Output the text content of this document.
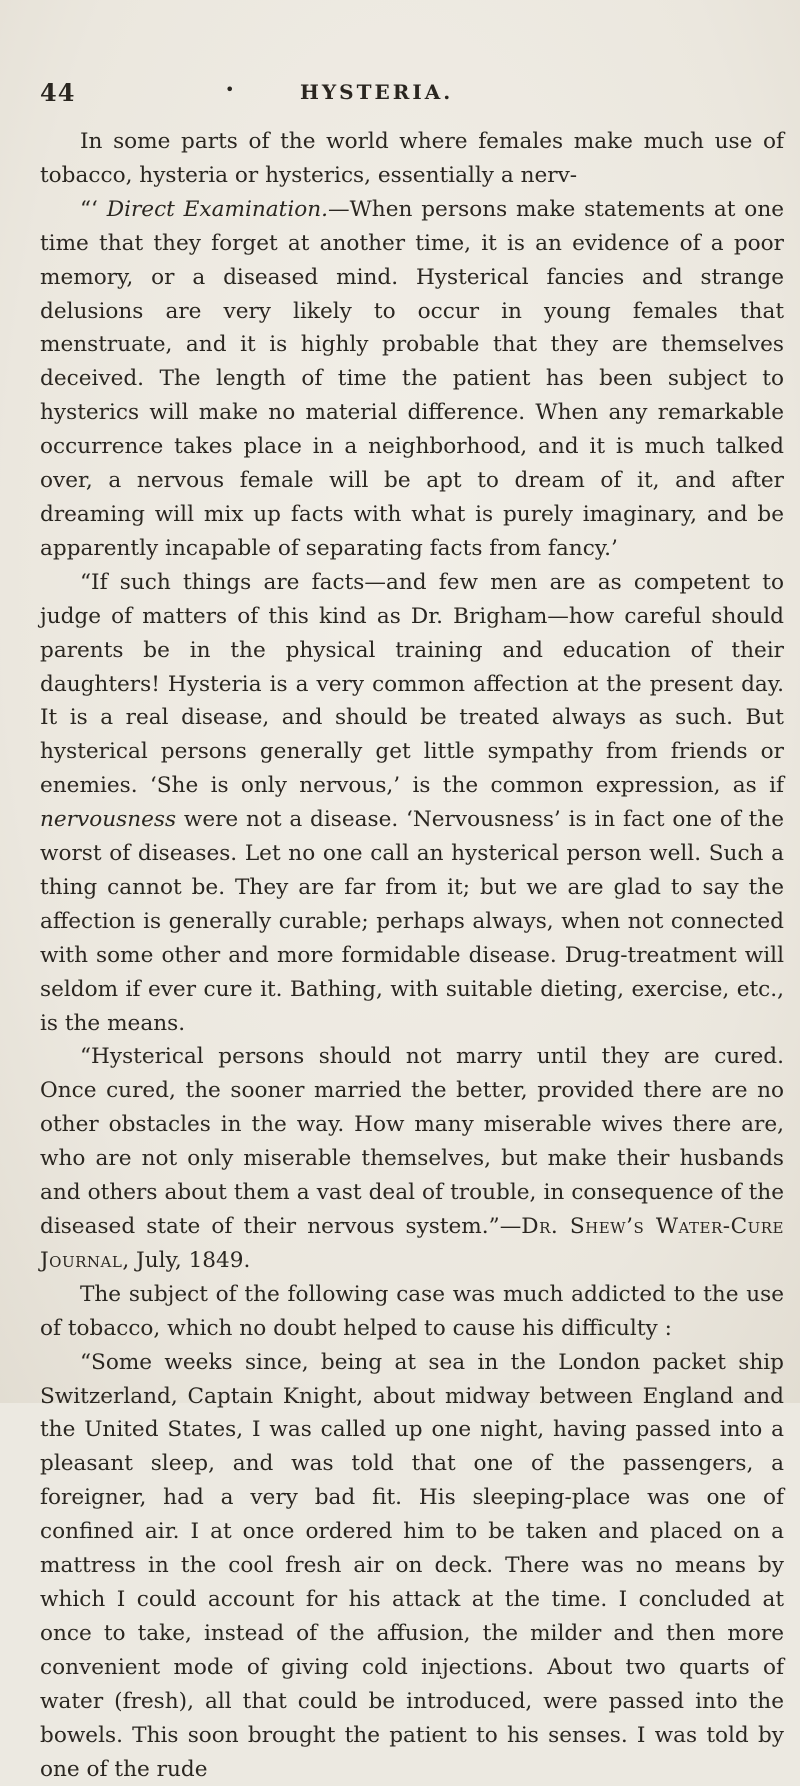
44	•	HYSTERIA.

In some parts of the world where females make much use of tobacco, hysteria or hysterics, essentially a nerv-

“‘ Direct Examination.—When persons make statements at one time that they forget at another time, it is an evidence of a poor memory, or a diseased mind. Hysterical fancies and strange delusions are very likely to occur in young females that menstruate, and it is highly probable that they are themselves deceived. The length of time the patient has been subject to hysterics will make no material difference. When any remarkable occurrence takes place in a neighborhood, and it is much talked over, a nervous female will be apt to dream of it, and after dreaming will mix up facts with what is purely imaginary, and be apparently incapable of separating facts from fancy.’

“If such things are facts—and few men are as competent to judge of matters of this kind as Dr. Brigham—how careful should parents be in the physical training and education of their daughters! Hysteria is a very common affection at the present day. It is a real disease, and should be treated always as such. But hysterical persons generally get little sympathy from friends or enemies. ‘She is only nervous,’ is the common expression, as if nervousness were not a disease. ‘Nervousness’ is in fact one of the worst of diseases. Let no one call an hysterical person well. Such a thing cannot be. They are far from it; but we are glad to say the affection is generally curable; perhaps always, when not connected with some other and more formidable disease. Drug-treatment will seldom if ever cure it. Bathing, with suitable dieting, exercise, etc., is the means.

“Hysterical persons should not marry until they are cured. Once cured, the sooner married the better, provided there are no other obstacles in the way. How many miserable wives there are, who are not only miserable themselves, but make their husbands and others about them a vast deal of trouble, in consequence of the diseased state of their nervous system.”—Dr. Shew’s Water-Cure Journal, July, 1849.

The subject of the following case was much addicted to the use of tobacco, which no doubt helped to cause his difficulty :

“Some weeks since, being at sea in the London packet ship Switzerland, Captain Knight, about midway between England and the United States, I was called up one night, having passed into a pleasant sleep, and was told that one of the passengers, a foreigner, had a very bad fit. His sleeping-place was one of confined air. I at once ordered him to be taken and placed on a mattress in the cool fresh air on deck. There was no means by which I could account for his attack at the time. I concluded at once to take, instead of the affusion, the milder and then more convenient mode of giving cold injections. About two quarts of water (fresh), all that could be introduced, were passed into the bowels. This soon brought the patient to his senses. I was told by one of the rude
